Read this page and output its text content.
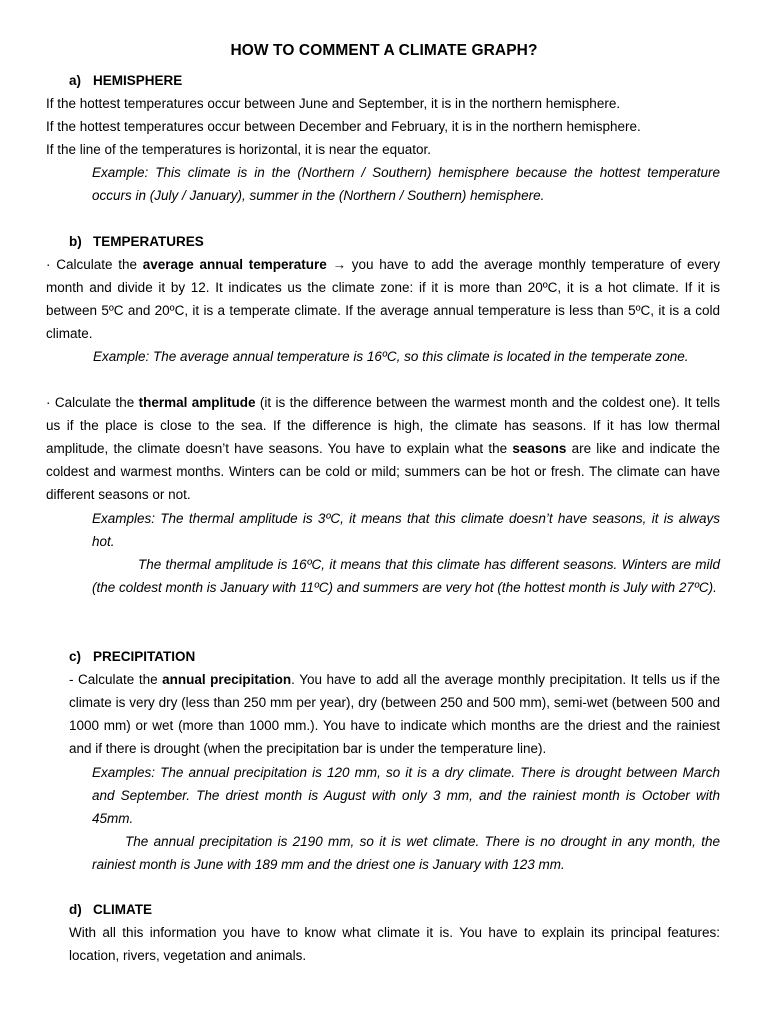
HOW TO COMMENT A CLIMATE GRAPH?
a) HEMISPHERE
If the hottest temperatures occur between June and September, it is in the northern hemisphere.
If the hottest temperatures occur between December and February, it is in the northern hemisphere.
If the line of the temperatures is horizontal, it is near the equator.
Example: This climate is in the (Northern / Southern) hemisphere because the hottest temperature occurs in (July / January), summer in the (Northern / Southern) hemisphere.
b) TEMPERATURES
· Calculate the average annual temperature → you have to add the average monthly temperature of every month and divide it by 12. It indicates us the climate zone: if it is more than 20ºC, it is a hot climate. If it is between 5ºC and 20ºC, it is a temperate climate. If the average annual temperature is less than 5ºC, it is a cold climate.
Example: The average annual temperature is 16ºC, so this climate is located in the temperate zone.
· Calculate the thermal amplitude (it is the difference between the warmest month and the coldest one). It tells us if the place is close to the sea. If the difference is high, the climate has seasons. If it has low thermal amplitude, the climate doesn’t have seasons. You have to explain what the seasons are like and indicate the coldest and warmest months. Winters can be cold or mild; summers can be hot or fresh. The climate can have different seasons or not.
Examples: The thermal amplitude is 3ºC, it means that this climate doesn’t have seasons, it is always hot.
The thermal amplitude is 16ºC, it means that this climate has different seasons. Winters are mild (the coldest month is January with 11ºC) and summers are very hot (the hottest month is July with 27ºC).
c) PRECIPITATION
- Calculate the annual precipitation. You have to add all the average monthly precipitation. It tells us if the climate is very dry (less than 250 mm per year), dry (between 250 and 500 mm), semi-wet (between 500 and 1000 mm) or wet (more than 1000 mm.). You have to indicate which months are the driest and the rainiest and if there is drought (when the precipitation bar is under the temperature line).
Examples: The annual precipitation is 120 mm, so it is a dry climate. There is drought between March and September. The driest month is August with only 3 mm, and the rainiest month is October with 45mm.
The annual precipitation is 2190 mm, so it is wet climate. There is no drought in any month, the rainiest month is June with 189 mm and the driest one is January with 123 mm.
d) CLIMATE
With all this information you have to know what climate it is. You have to explain its principal features: location, rivers, vegetation and animals.
